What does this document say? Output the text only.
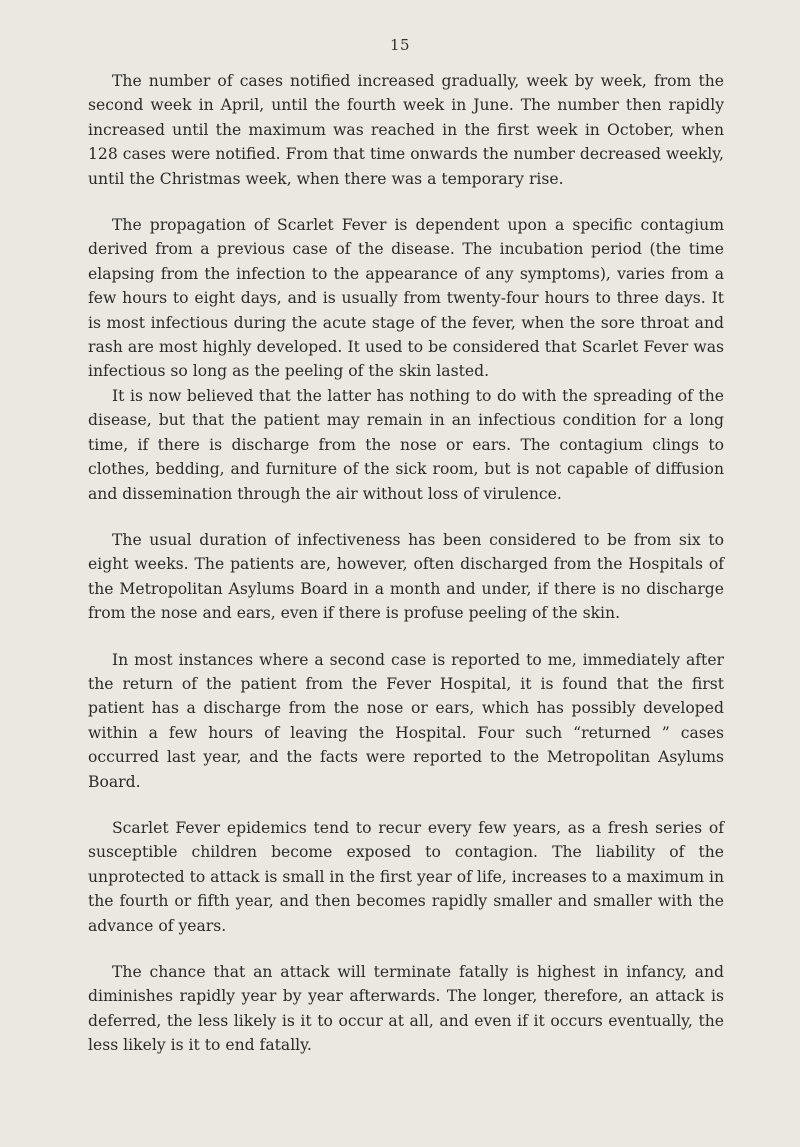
15

The number of cases notified increased gradually, week by week, from the second week in April, until the fourth week in June. The number then rapidly increased until the maximum was reached in the first week in October, when 128 cases were notified. From that time onwards the number decreased weekly, until the Christmas week, when there was a temporary rise.

The propagation of Scarlet Fever is dependent upon a specific contagium derived from a previous case of the disease. The incubation period (the time elapsing from the infection to the appearance of any symptoms), varies from a few hours to eight days, and is usually from twenty-four hours to three days. It is most infectious during the acute stage of the fever, when the sore throat and rash are most highly developed. It used to be considered that Scarlet Fever was infectious so long as the peeling of the skin lasted.

It is now believed that the latter has nothing to do with the spreading of the disease, but that the patient may remain in an infectious condition for a long time, if there is discharge from the nose or ears. The contagium clings to clothes, bedding, and furniture of the sick room, but is not capable of diffusion and dissemination through the air without loss of virulence.

The usual duration of infectiveness has been considered to be from six to eight weeks. The patients are, however, often discharged from the Hospitals of the Metropolitan Asylums Board in a month and under, if there is no discharge from the nose and ears, even if there is profuse peeling of the skin.

In most instances where a second case is reported to me, immediately after the return of the patient from the Fever Hospital, it is found that the first patient has a discharge from the nose or ears, which has possibly developed within a few hours of leaving the Hospital. Four such “returned ” cases occurred last year, and the facts were reported to the Metropolitan Asylums Board.

Scarlet Fever epidemics tend to recur every few years, as a fresh series of susceptible children become exposed to contagion. The liability of the unprotected to attack is small in the first year of life, increases to a maximum in the fourth or fifth year, and then becomes rapidly smaller and smaller with the advance of years.

The chance that an attack will terminate fatally is highest in infancy, and diminishes rapidly year by year afterwards. The longer, therefore, an attack is deferred, the less likely is it to occur at all, and even if it occurs eventually, the less likely is it to end fatally.
